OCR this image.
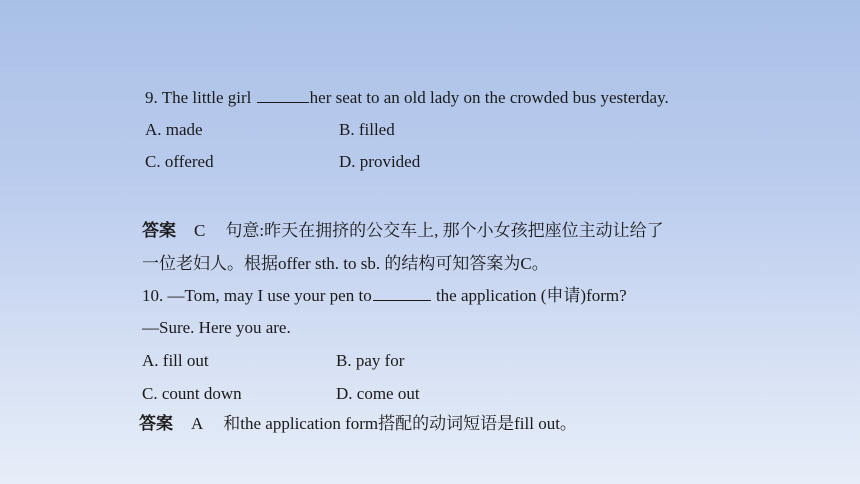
9. The little girl	her seat to an old lady on the crowded bus yesterday.
A. made	B. filled
C. offered	D. provided
答案 C 句意:昨天在拥挤的公交车上, 那个小女孩把座位主动让给了
一位老妇人。根据offer sth. to sb. 的结构可知答案为C。
10. —Tom, may I use your pen to	the application (申请)form?
—Sure. Here you are.
A. fill out	B. pay for
C. count down	D. come out
答案 A 和the application form搭配的动词短语是fill out。
